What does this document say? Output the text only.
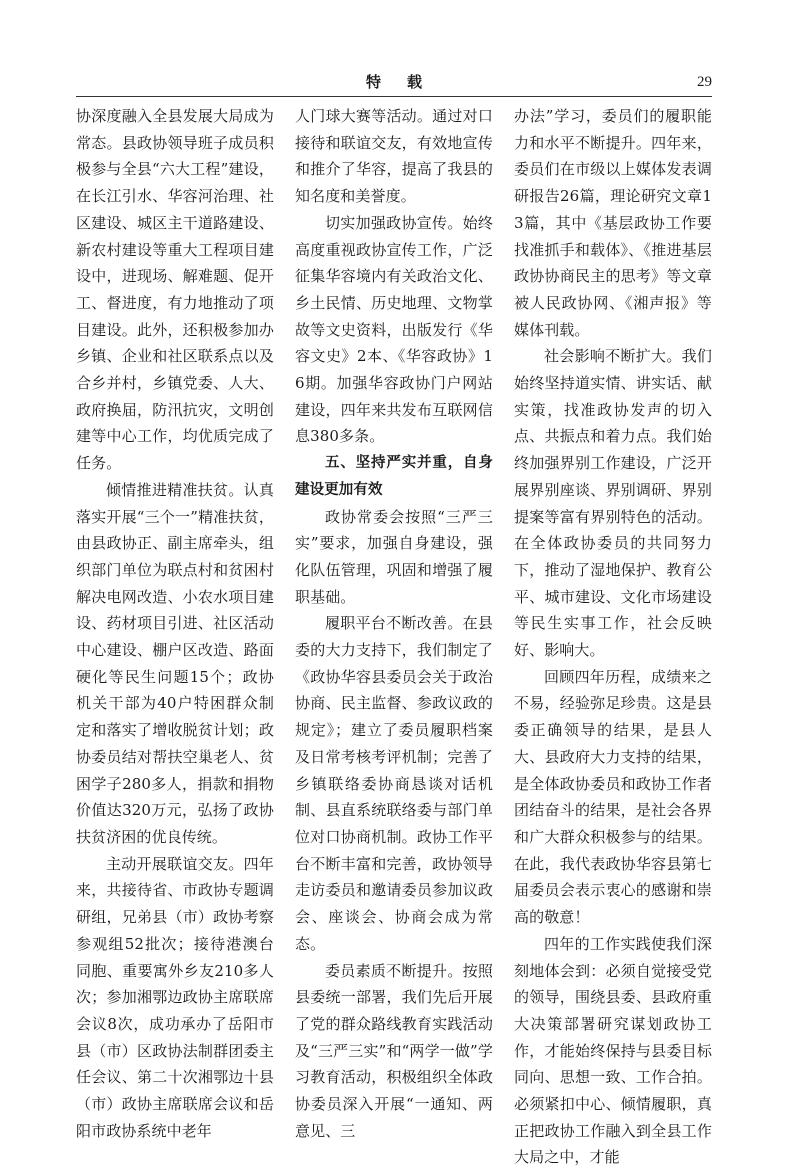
特载	29

协深度融入全县发展大局成为常态。县政协领导班子成员积极参与全县“六大工程”建设，在长江引水、华容河治理、社区建设、城区主干道路建设、新农村建设等重大工程项目建设中，进现场、解难题、促开工、督进度，有力地推动了项目建设。此外，还积极参加办乡镇、企业和社区联系点以及合乡并村，乡镇党委、人大、政府换届，防汛抗灾，文明创建等中心工作，均优质完成了任务。

倾情推进精准扶贫。认真落实开展“三个一”精准扶贫，由县政协正、副主席牵头，组织部门单位为联点村和贫困村解决电网改造、小农水项目建设、药材项目引进、社区活动中心建设、棚户区改造、路面硬化等民生问题15个；政协机关干部为40户特困群众制定和落实了增收脱贫计划；政协委员结对帮扶空巢老人、贫困学子280多人，捐款和捐物价值达320万元，弘扬了政协扶贫济困的优良传统。

主动开展联谊交友。四年来，共接待省、市政协专题调研组，兄弟县（市）政协考察参观组52批次；接待港澳台同胞、重要寓外乡友210多人次；参加湘鄂边政协主席联席会议8次，成功承办了岳阳市县（市）区政协法制群团委主任会议、第二十次湘鄂边十县（市）政协主席联席会议和岳阳市政协系统中老年

人门球大赛等活动。通过对口接待和联谊交友，有效地宣传和推介了华容，提高了我县的知名度和美誉度。

切实加强政协宣传。始终高度重视政协宣传工作，广泛征集华容境内有关政治文化、乡土民情、历史地理、文物掌故等文史资料，出版发行《华容文史》2本、《华容政协》16期。加强华容政协门户网站建设，四年来共发布互联网信息380多条。

五、坚持严实并重，自身建设更加有效

政协常委会按照“三严三实”要求，加强自身建设，强化队伍管理，巩固和增强了履职基础。

履职平台不断改善。在县委的大力支持下，我们制定了《政协华容县委员会关于政治协商、民主监督、参政议政的规定》；建立了委员履职档案及日常考核考评机制；完善了乡镇联络委协商恳谈对话机制、县直系统联络委与部门单位对口协商机制。政协工作平台不断丰富和完善，政协领导走访委员和邀请委员参加议政会、座谈会、协商会成为常态。

委员素质不断提升。按照县委统一部署，我们先后开展了党的群众路线教育实践活动及“三严三实”和“两学一做”学习教育活动，积极组织全体政协委员深入开展“一通知、两意见、三

办法”学习，委员们的履职能力和水平不断提升。四年来，委员们在市级以上媒体发表调研报告26篇，理论研究文章13篇，其中《基层政协工作要找准抓手和载体》、《推进基层政协协商民主的思考》等文章被人民政协网、《湘声报》等媒体刊载。

社会影响不断扩大。我们始终坚持道实情、讲实话、献实策，找准政协发声的切入点、共振点和着力点。我们始终加强界别工作建设，广泛开展界别座谈、界别调研、界别提案等富有界别特色的活动。在全体政协委员的共同努力下，推动了湿地保护、教育公平、城市建设、文化市场建设等民生实事工作，社会反映好、影响大。

回顾四年历程，成绩来之不易，经验弥足珍贵。这是县委正确领导的结果，是县人大、县政府大力支持的结果，是全体政协委员和政协工作者团结奋斗的结果，是社会各界和广大群众积极参与的结果。在此，我代表政协华容县第七届委员会表示衷心的感谢和崇高的敬意！

四年的工作实践使我们深刻地体会到：必须自觉接受党的领导，围绕县委、县政府重大决策部署研究谋划政协工作，才能始终保持与县委目标同向、思想一致、工作合拍。必须紧扣中心、倾情履职，真正把政协工作融入到全县工作大局之中，才能
